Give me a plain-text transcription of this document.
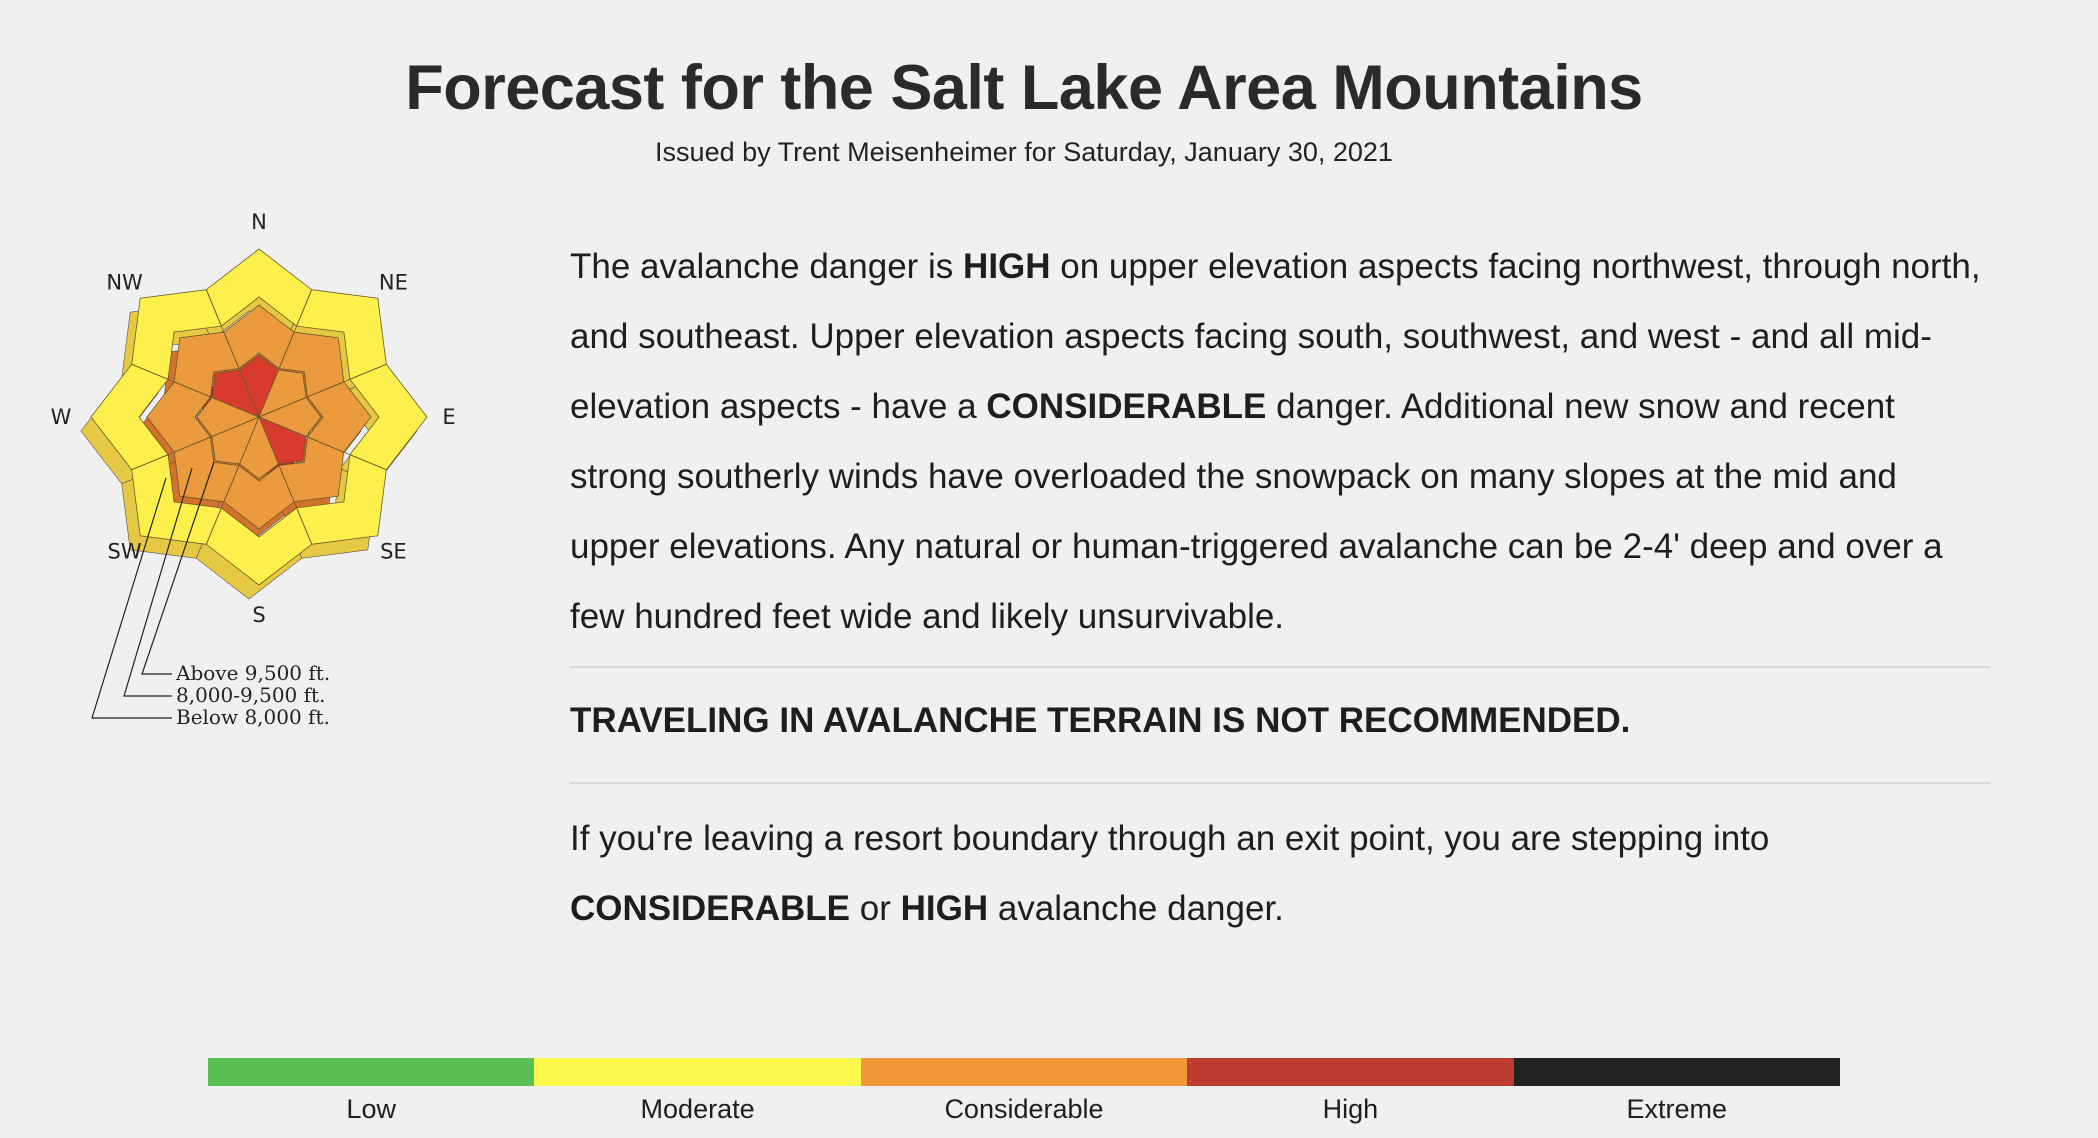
Forecast for the Salt Lake Area Mountains
Issued by Trent Meisenheimer for Saturday, January 30, 2021
N
NE
E
SE
S
SW
W
NW
Above 9,500 ft.
8,000-9,500 ft.
Below 8,000 ft.

The avalanche danger is HIGH on upper elevation aspects facing northwest, through north, and southeast. Upper elevation aspects facing south, southwest, and west - and all mid-elevation aspects - have a CONSIDERABLE danger. Additional new snow and recent strong southerly winds have overloaded the snowpack on many slopes at the mid and upper elevations. Any natural or human-triggered avalanche can be 2-4' deep and over a few hundred feet wide and likely unsurvivable.

TRAVELING IN AVALANCHE TERRAIN IS NOT RECOMMENDED.

If you're leaving a resort boundary through an exit point, you are stepping into CONSIDERABLE or HIGH avalanche danger.

Low	Moderate	Considerable	High	Extreme
